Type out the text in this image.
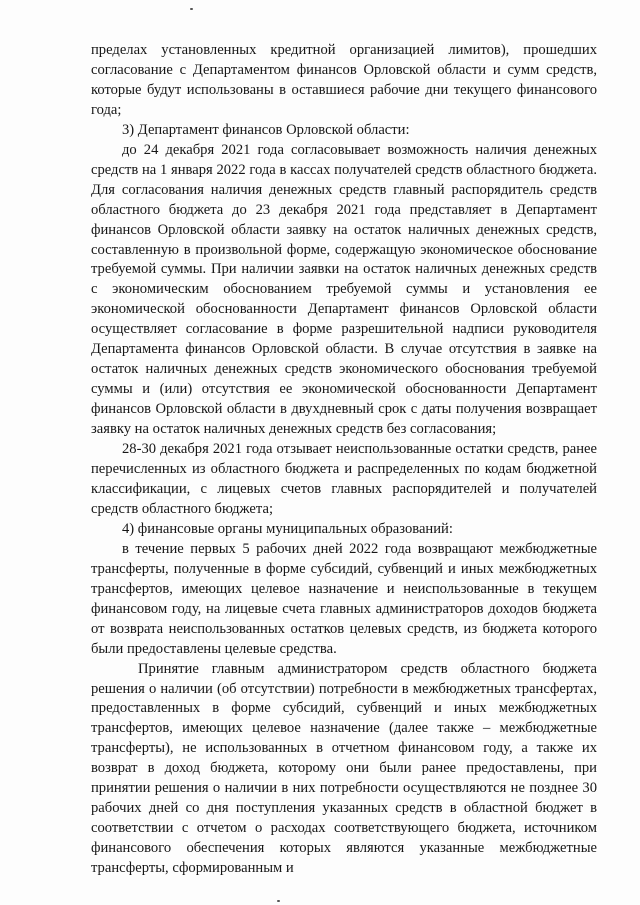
пределах установленных кредитной организацией лимитов), прошедших согласование с Департаментом финансов Орловской области и сумм средств, которые будут использованы в оставшиеся рабочие дни текущего финансового года;

3) Департамент финансов Орловской области:

до 24 декабря 2021 года согласовывает возможность наличия денежных средств на 1 января 2022 года в кассах получателей средств областного бюджета. Для согласования наличия денежных средств главный распорядитель средств областного бюджета до 23 декабря 2021 года представляет в Департамент финансов Орловской области заявку на остаток наличных денежных средств, составленную в произвольной форме, содержащую экономическое обоснование требуемой суммы. При наличии заявки на остаток наличных денежных средств с экономическим обоснованием требуемой суммы и установления ее экономической обоснованности Департамент финансов Орловской области осуществляет согласование в форме разрешительной надписи руководителя Департамента финансов Орловской области. В случае отсутствия в заявке на остаток наличных денежных средств экономического обоснования требуемой суммы и (или) отсутствия ее экономической обоснованности Департамент финансов Орловской области в двухдневный срок с даты получения возвращает заявку на остаток наличных денежных средств без согласования;

28-30 декабря 2021 года отзывает неиспользованные остатки средств, ранее перечисленных из областного бюджета и распределенных по кодам бюджетной классификации, с лицевых счетов главных распорядителей и получателей средств областного бюджета;

4) финансовые органы муниципальных образований:

в течение первых 5 рабочих дней 2022 года возвращают межбюджетные трансферты, полученные в форме субсидий, субвенций и иных межбюджетных трансфертов, имеющих целевое назначение и неиспользованные в текущем финансовом году, на лицевые счета главных администраторов доходов бюджета от возврата неиспользованных остатков целевых средств, из бюджета которого были предоставлены целевые средства.

Принятие главным администратором средств областного бюджета решения о наличии (об отсутствии) потребности в межбюджетных трансфертах, предоставленных в форме субсидий, субвенций и иных межбюджетных трансфертов, имеющих целевое назначение (далее также – межбюджетные трансферты), не использованных в отчетном финансовом году, а также их возврат в доход бюджета, которому они были ранее предоставлены, при принятии решения о наличии в них потребности осуществляются не позднее 30 рабочих дней со дня поступления указанных средств в областной бюджет в соответствии с отчетом о расходах соответствующего бюджета, источником финансового обеспечения которых являются указанные межбюджетные трансферты, сформированным и
